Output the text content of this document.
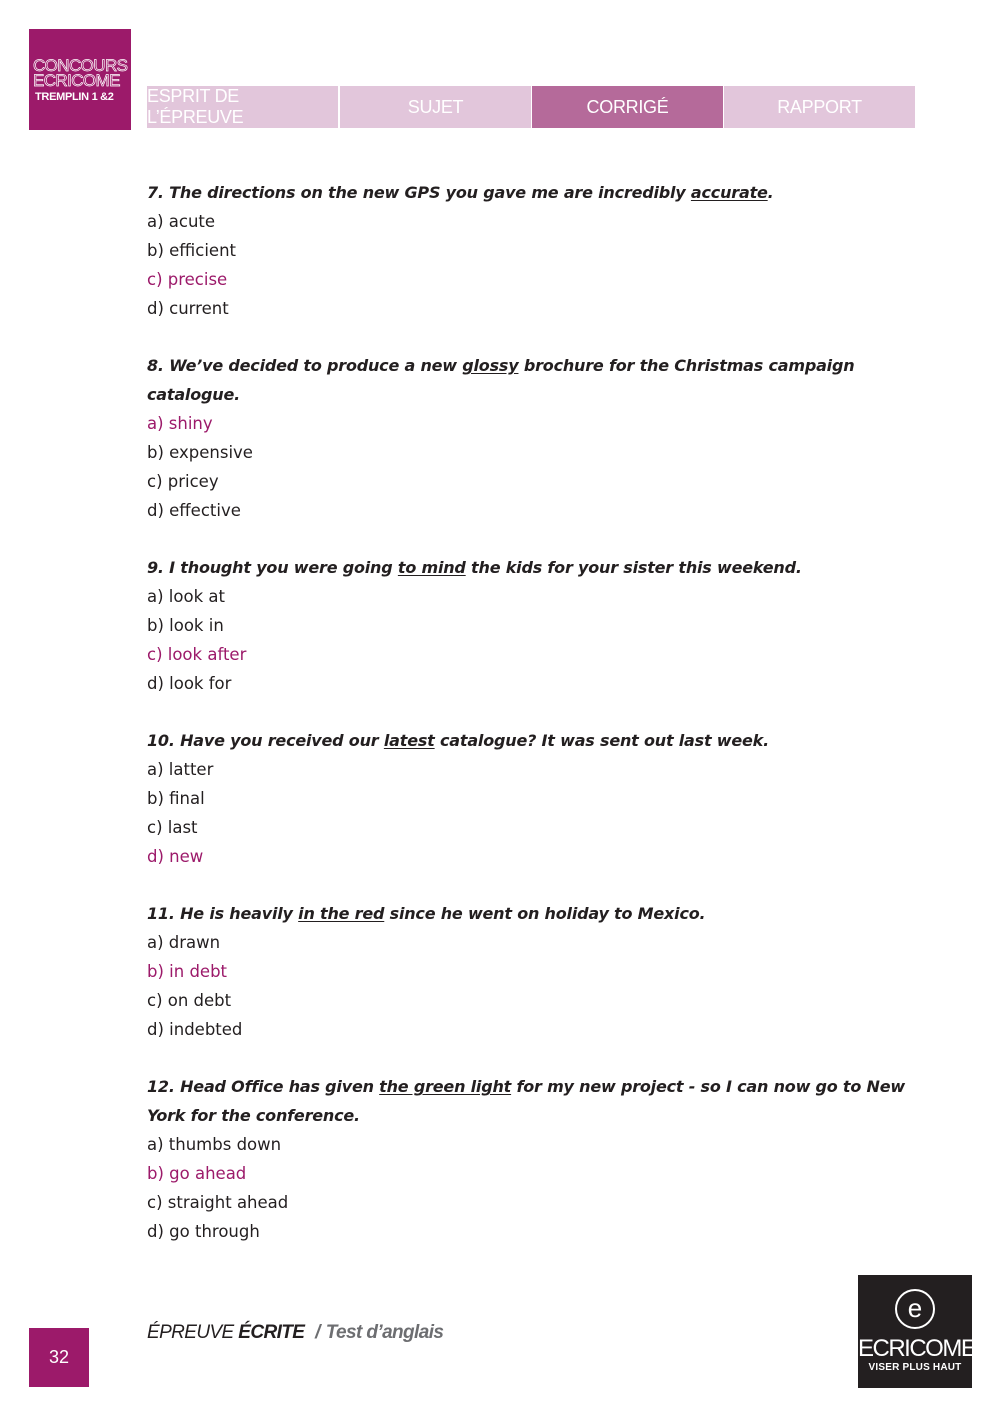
CONCOURS
ECRICOME
TREMPLIN 1 &2 ESPRIT DE L’ÉPREUVE
SUJET	CORRIGÉ	RAPPORT
7. The directions on the new GPS you gave me are incredibly accurate.
a) acute
b) efficient
c) precise
d) current
8. We’ve decided to produce a new glossy brochure for the Christmas campaign catalogue.
a) shiny
b) expensive
c) pricey
d) effective
9. I thought you were going to mind the kids for your sister this weekend.
a) look at
b) look in
c) look after
d) look for
10. Have you received our latest catalogue? It was sent out last week.
a) latter
b) final
c) last
d) new
11. He is heavily in the red since he went on holiday to Mexico.
a) drawn
b) in debt
c) on debt
d) indebted
12. Head Office has given the green light for my new project - so I can now go to New York for the conference.
a) thumbs down
b) go ahead
c) straight ahead
d) go through
32
ÉPREUVE ÉCRITE / Test d’anglais
e
ECRICOME
VISER PLUS HAUT
